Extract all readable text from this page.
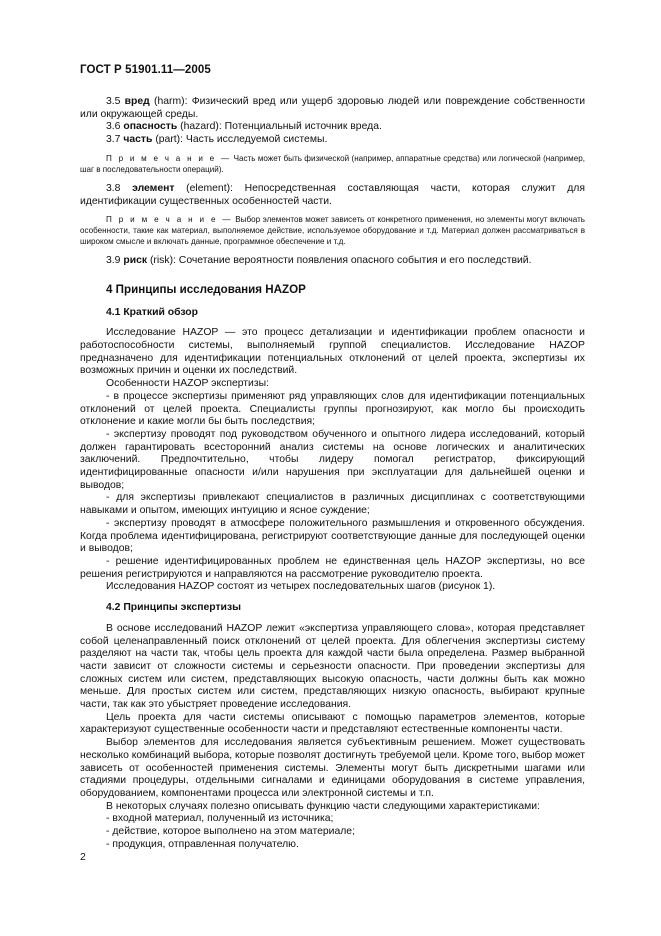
ГОСТ Р 51901.11—2005

3.5 вред (harm): Физический вред или ущерб здоровью людей или повреждение собственности или окружающей среды.

3.6 опасность (hazard): Потенциальный источник вреда.

3.7 часть (part): Часть исследуемой системы.

П р и м е ч а н и е — Часть может быть физической (например, аппаратные средства) или логической (например, шаг в последовательности операций).

3.8 элемент (element): Непосредственная составляющая части, которая служит для идентификации существенных особенностей части.

П р и м е ч а н и е — Выбор элементов может зависеть от конкретного применения, но элементы могут включать особенности, такие как материал, выполняемое действие, используемое оборудование и т.д. Материал должен рассматриваться в широком смысле и включать данные, программное обеспечение и т.д.

3.9 риск (risk): Сочетание вероятности появления опасного события и его последствий.

4 Принципы исследования HAZOP
4.1 Краткий обзор

Исследование HAZOP — это процесс детализации и идентификации проблем опасности и работоспособности системы, выполняемый группой специалистов. Исследование HAZOP предназначено для идентификации потенциальных отклонений от целей проекта, экспертизы их возможных причин и оценки их последствий.

Особенности HAZOP экспертизы:

- в процессе экспертизы применяют ряд управляющих слов для идентификации потенциальных отклонений от целей проекта. Специалисты группы прогнозируют, как могло бы происходить отклонение и какие могли бы быть последствия;

- экспертизу проводят под руководством обученного и опытного лидера исследований, который должен гарантировать всесторонний анализ системы на основе логических и аналитических заключений. Предпочтительно, чтобы лидеру помогал регистратор, фиксирующий идентифицированные опасности и/или нарушения при эксплуатации для дальнейшей оценки и выводов;

- для экспертизы привлекают специалистов в различных дисциплинах с соответствующими навыками и опытом, имеющих интуицию и ясное суждение;

- экспертизу проводят в атмосфере положительного размышления и откровенного обсуждения. Когда проблема идентифицирована, регистрируют соответствующие данные для последующей оценки и выводов;

- решение идентифицированных проблем не единственная цель HAZOP экспертизы, но все решения регистрируются и направляются на рассмотрение руководителю проекта.

Исследования HAZOP состоят из четырех последовательных шагов (рисунок 1).

4.2 Принципы экспертизы

В основе исследований HAZOP лежит «экспертиза управляющего слова», которая представляет собой целенаправленный поиск отклонений от целей проекта. Для облегчения экспертизы систему разделяют на части так, чтобы цель проекта для каждой части была определена. Размер выбранной части зависит от сложности системы и серьезности опасности. При проведении экспертизы для сложных систем или систем, представляющих высокую опасность, части должны быть как можно меньше. Для простых систем или систем, представляющих низкую опасность, выбирают крупные части, так как это убыстряет проведение исследования.

Цель проекта для части системы описывают с помощью параметров элементов, которые характеризуют существенные особенности части и представляют естественные компоненты части.

Выбор элементов для исследования является субъективным решением. Может существовать несколько комбинаций выбора, которые позволят достигнуть требуемой цели. Кроме того, выбор может зависеть от особенностей применения системы. Элементы могут быть дискретными шагами или стадиями процедуры, отдельными сигналами и единицами оборудования в системе управления, оборудованием, компонентами процесса или электронной системы и т.п.

В некоторых случаях полезно описывать функцию части следующими характеристиками:

- входной материал, полученный из источника;

- действие, которое выполнено на этом материале;

- продукция, отправленная получателю.

2
